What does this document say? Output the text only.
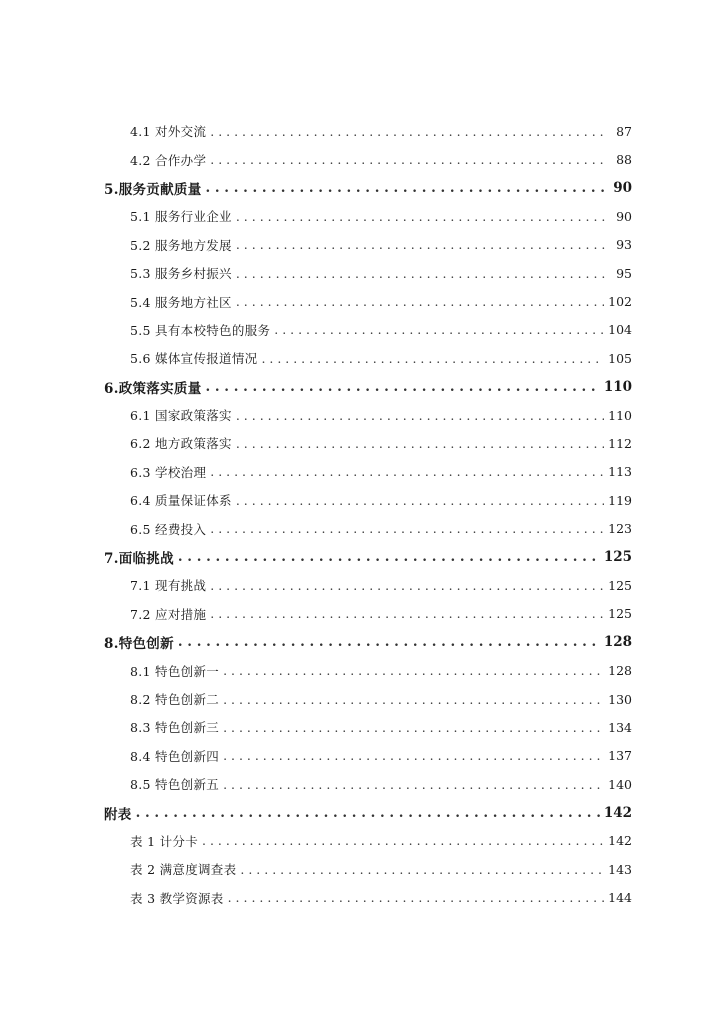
4.1 对外交流 . . .	87
4.2 合作办学 . . .	88
5.服务贡献质量 . . .	90
5.1 服务行业企业 . . .	90
5.2 服务地方发展 . . .	93
5.3 服务乡村振兴 . . .	95
5.4 服务地方社区 . . .	102
5.5 具有本校特色的服务 . . .	104
5.6 媒体宣传报道情况 . . .	105
6.政策落实质量 . . .	110
6.1 国家政策落实 . . .	110
6.2 地方政策落实 . . .	112
6.3 学校治理 . . .	113
6.4 质量保证体系 . . .	119
6.5 经费投入 . . .	123
7.面临挑战 . . .	125
7.1 现有挑战 . . .	125
7.2 应对措施 . . .	125
8.特色创新 . . .	128
8.1 特色创新一 . . .	128
8.2 特色创新二 . . .	130
8.3 特色创新三 . . .	134
8.4 特色创新四 . . .	137
8.5 特色创新五 . . .	140
附表 . . .	142
表 1 计分卡 . . .	142
表 2 满意度调查表 . . .	143
表 3 教学资源表 . . .	144
